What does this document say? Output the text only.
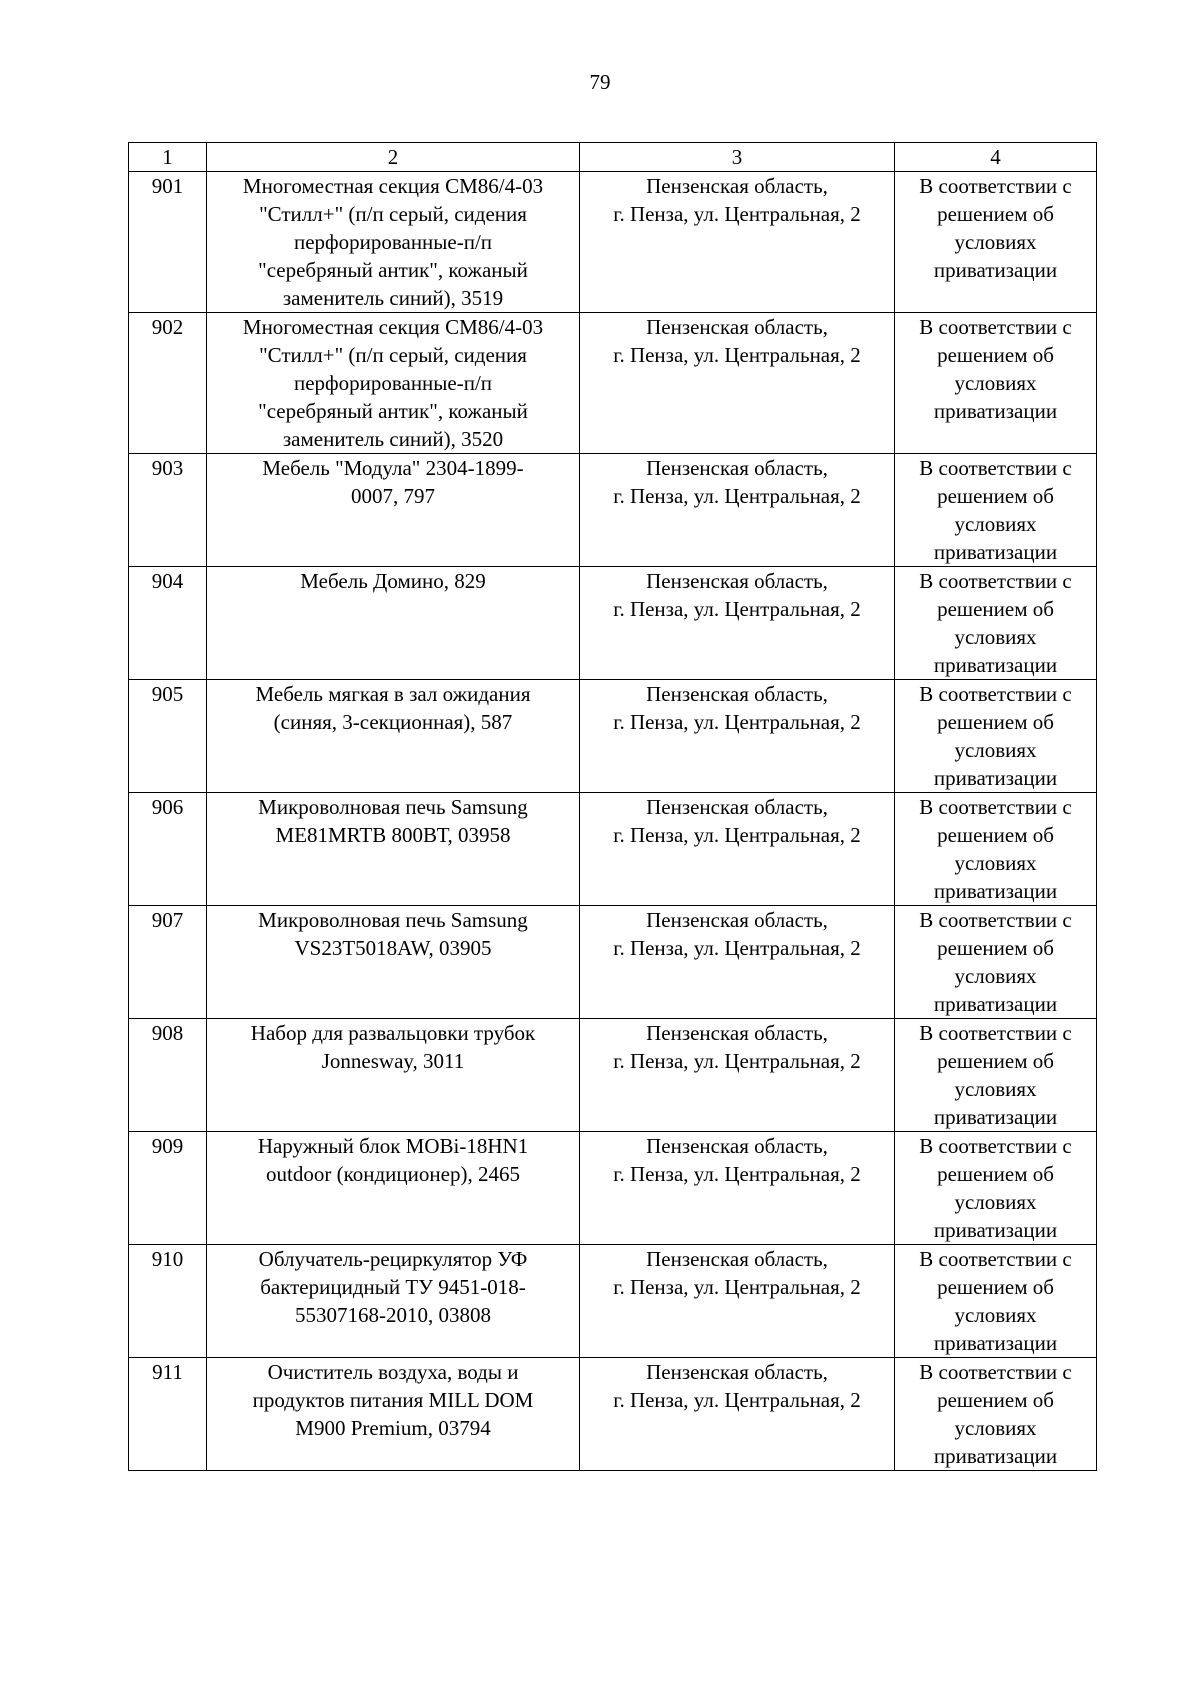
79
1	2	3	4

901	Многоместная секция CM86/4-03
"Стилл+" (п/п серый, сидения
перфорированные-п/п
"серебряный антик", кожаный
заменитель синий), 3519	Пензенская область,
г. Пенза, ул. Центральная, 2	В соответствии с
решением об
условиях
приватизации

902	Многоместная секция CM86/4-03
"Стилл+" (п/п серый, сидения
перфорированные-п/п
"серебряный антик", кожаный
заменитель синий), 3520	Пензенская область,
г. Пенза, ул. Центральная, 2	В соответствии с
решением об
условиях
приватизации

903	Мебель "Модула" 2304-1899-
0007, 797	Пензенская область,
г. Пенза, ул. Центральная, 2	В соответствии с
решением об
условиях
приватизации

904	Мебель Домино, 829	Пензенская область,
г. Пенза, ул. Центральная, 2	В соответствии с
решением об
условиях
приватизации

905	Мебель мягкая в зал ожидания
(синяя, 3-секционная), 587	Пензенская область,
г. Пенза, ул. Центральная, 2	В соответствии с
решением об
условиях
приватизации

906	Микроволновая печь Samsung
ME81MRTB 800ВТ, 03958	Пензенская область,
г. Пенза, ул. Центральная, 2	В соответствии с
решением об
условиях
приватизации

907	Микроволновая печь Samsung
VS23T5018AW, 03905	Пензенская область,
г. Пенза, ул. Центральная, 2	В соответствии с
решением об
условиях
приватизации

908	Набор для развальцовки трубок
Jonnesway, 3011	Пензенская область,
г. Пенза, ул. Центральная, 2	В соответствии с
решением об
условиях
приватизации

909	Наружный блок MOBi-18HN1
outdoor (кондиционер), 2465	Пензенская область,
г. Пенза, ул. Центральная, 2	В соответствии с
решением об
условиях
приватизации

910	Облучатель-рециркулятор УФ
бактерицидный ТУ 9451-018-
55307168-2010, 03808	Пензенская область,
г. Пенза, ул. Центральная, 2	В соответствии с
решением об
условиях
приватизации

911	Очиститель воздуха, воды и
продуктов питания MILL DOM
M900 Premium, 03794	Пензенская область,
г. Пенза, ул. Центральная, 2	В соответствии с
решением об
условиях
приватизации
